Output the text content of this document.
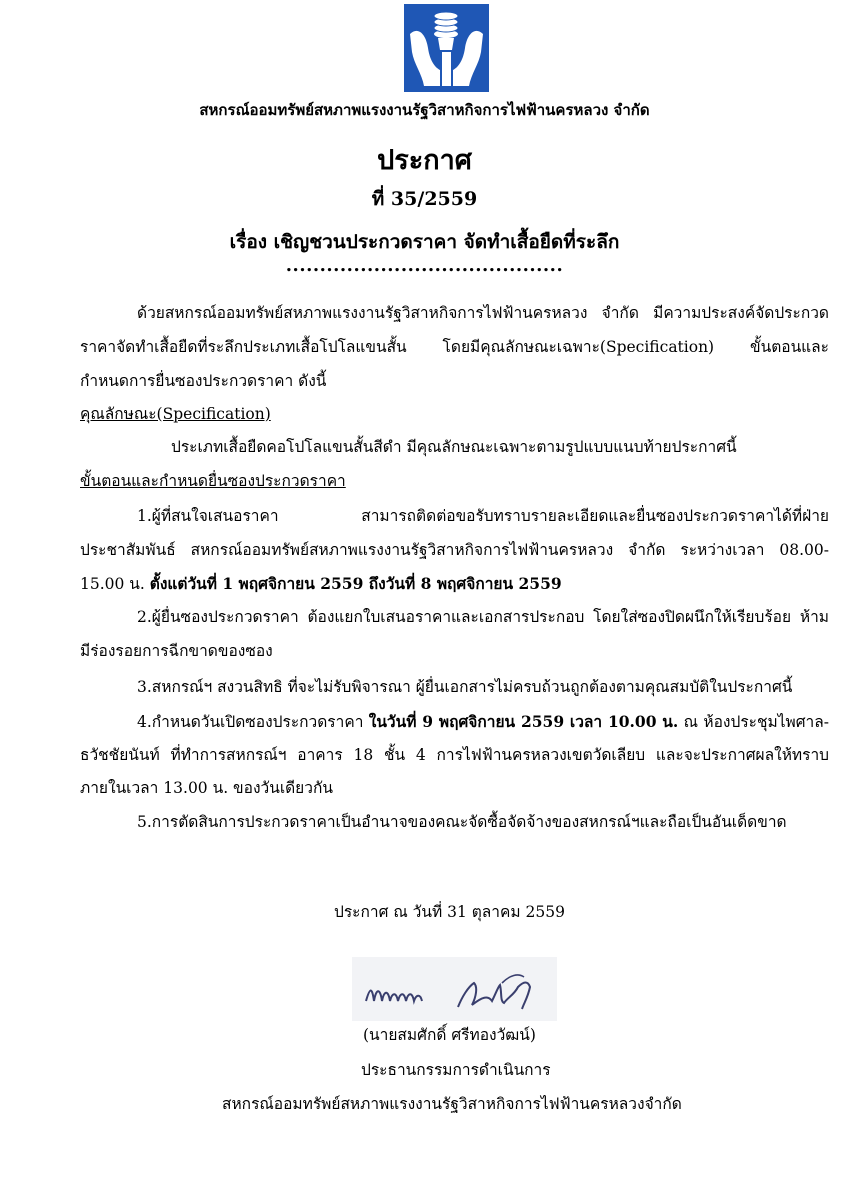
สหกรณ์ออมทรัพย์สหภาพแรงงานรัฐวิสาหกิจการไฟฟ้านครหลวง จำกัด
ประกาศ
ที่ 35/2559
เรื่อง เชิญชวนประกวดราคา จัดทำเสื้อยืดที่ระลึก
.........................................
ด้วยสหกรณ์ออมทรัพย์สหภาพแรงงานรัฐวิสาหกิจการไฟฟ้านครหลวง จำกัด มีความประสงค์จัดประกวด
ราคาจัดทำเสื้อยืดที่ระลึกประเภทเสื้อโปโลแขนสั้น โดยมีคุณลักษณะเฉพาะ(Specification) ขั้นตอนและ
กำหนดการยื่นซองประกวดราคา ดังนี้
คุณลักษณะ(Specification)
ประเภทเสื้อยืดคอโปโลแขนสั้นสีดำ มีคุณลักษณะเฉพาะตามรูปแบบแนบท้ายประกาศนี้
ขั้นตอนและกำหนดยื่นซองประกวดราคา
1.ผู้ที่สนใจเสนอราคา สามารถติดต่อขอรับทราบรายละเอียดและยื่นซองประกวดราคาได้ที่ฝ่าย
ประชาสัมพันธ์ สหกรณ์ออมทรัพย์สหภาพแรงงานรัฐวิสาหกิจการไฟฟ้านครหลวง จำกัด ระหว่างเวลา 08.00-
15.00 น. ตั้งแต่วันที่ 1 พฤศจิกายน 2559 ถึงวันที่ 8 พฤศจิกายน 2559
2.ผู้ยื่นซองประกวดราคา ต้องแยกใบเสนอราคาและเอกสารประกอบ โดยใส่ซองปิดผนึกให้เรียบร้อย ห้าม
มีร่องรอยการฉีกขาดของซอง
3.สหกรณ์ฯ สงวนสิทธิ ที่จะไม่รับพิจารณา ผู้ยื่นเอกสารไม่ครบถ้วนถูกต้องตามคุณสมบัติในประกาศนี้
4.กำหนดวันเปิดซองประกวดราคา ในวันที่ 9 พฤศจิกายน 2559 เวลา 10.00 น. ณ ห้องประชุมไพศาล-
ธวัชชัยนันท์ ที่ทำการสหกรณ์ฯ อาคาร 18 ชั้น 4 การไฟฟ้านครหลวงเขตวัดเลียบ และจะประกาศผลให้ทราบ
ภายในเวลา 13.00 น. ของวันเดียวกัน
5.การตัดสินการประกวดราคาเป็นอำนาจของคณะจัดซื้อจัดจ้างของสหกรณ์ฯและถือเป็นอันเด็ดขาด
ประกาศ ณ วันที่ 31 ตุลาคม 2559
(นายสมศักดิ์ ศรีทองวัฒน์)
ประธานกรรมการดำเนินการ
สหกรณ์ออมทรัพย์สหภาพแรงงานรัฐวิสาหกิจการไฟฟ้านครหลวงจำกัด
